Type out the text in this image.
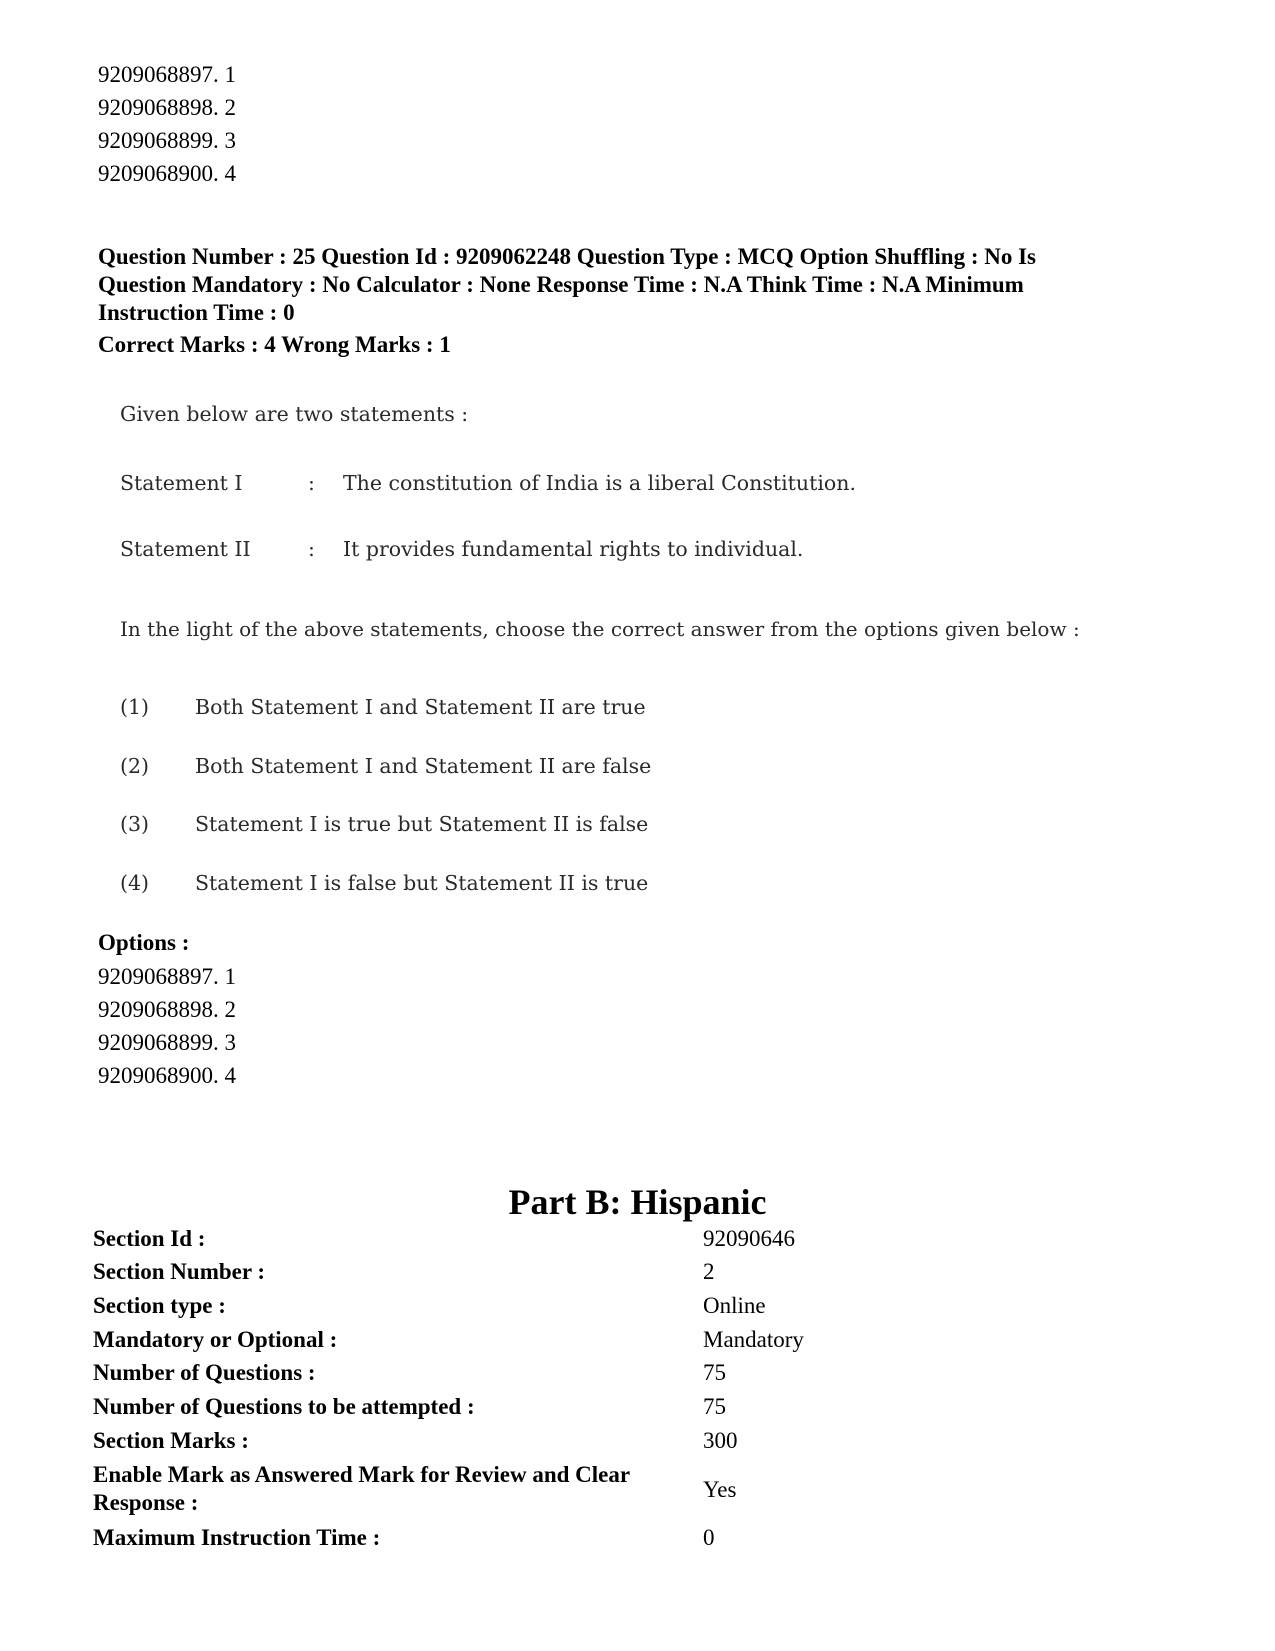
9209068897. 1
9209068898. 2
9209068899. 3
9209068900. 4
Question Number : 25 Question Id : 9209062248 Question Type : MCQ Option Shuffling : No Is
Question Mandatory : No Calculator : None Response Time : N.A Think Time : N.A Minimum
Instruction Time : 0
Correct Marks : 4 Wrong Marks : 1
Given below are two statements :
Statement I	: The constitution of India is a liberal Constitution.
Statement II	: It provides fundamental rights to individual.
In the light of the above statements, choose the correct answer from the options given below :
(1) Both Statement I and Statement II are true
(2) Both Statement I and Statement II are false
(3) Statement I is true but Statement II is false
(4) Statement I is false but Statement II is true
Options :
9209068897. 1
9209068898. 2
9209068899. 3
9209068900. 4
Part B: Hispanic
Section Id :	92090646
Section Number :	2
Section type :	Online
Mandatory or Optional :	Mandatory
Number of Questions :	75
Number of Questions to be attempted :	75
Section Marks :	300
Enable Mark as Answered Mark for Review and Clear
Response :
Yes
Maximum Instruction Time :	0
